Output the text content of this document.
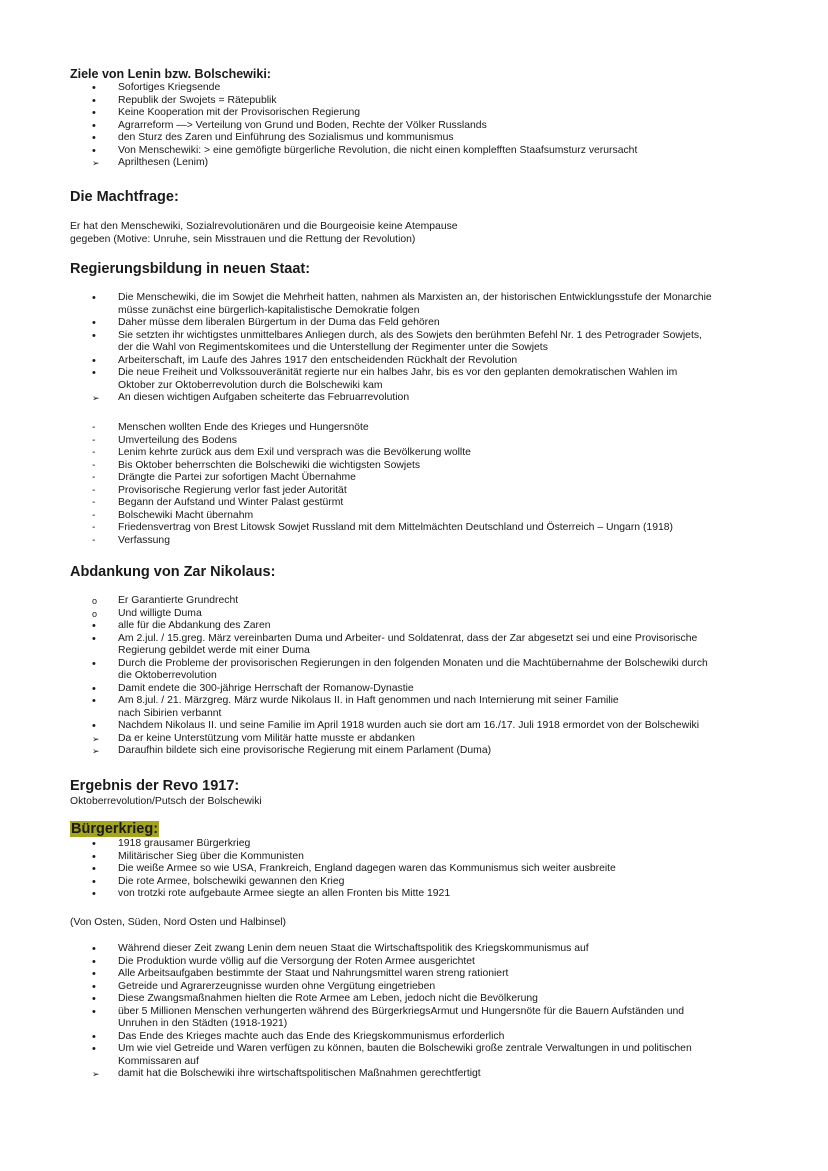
Ziele von Lenin bzw. Bolschewiki:
•
Sofortiges Kriegsende
•
Republik der Swojets = Rätepublik
•
Keine Kooperation mit der Provisorischen Regierung
•
Agrarreform —> Verteilung von Grund und Boden, Rechte der Völker Russlands
•
den Sturz des Zaren und Einführung des Sozialismus und kommunismus
•
Von Menschewiki: > eine gemöfigte bürgerliche Revolution, die nicht einen komplefften Staafsumsturz verursacht
➢
Aprilthesen (Lenim)
Die Machtfrage:
Er hat den Menschewiki, Sozialrevolutionären und die Bourgeoisie keine Atempause
gegeben (Motive: Unruhe, sein Misstrauen und die Rettung der Revolution)
Regierungsbildung in neuen Staat:
•
Die Menschewiki, die im Sowjet die Mehrheit hatten, nahmen als Marxisten an, der historischen Entwicklungsstufe der Monarchie
müsse zunächst eine bürgerlich-kapitalistische Demokratie folgen
•
Daher müsse dem liberalen Bürgertum in der Duma das Feld gehören
•
Sie setzten ihr wichtigstes unmittelbares Anliegen durch, als des Sowjets den berühmten Befehl Nr. 1 des Petrograder Sowjets,
der die Wahl von Regimentskomitees und die Unterstellung der Regimenter unter die Sowjets
•
Arbeiterschaft, im Laufe des Jahres 1917 den entscheidenden Rückhalt der Revolution
•
Die neue Freiheit und Volkssouveränität regierte nur ein halbes Jahr, bis es vor den geplanten demokratischen Wahlen im
Oktober zur Oktoberrevolution durch die Bolschewiki kam
➢
An diesen wichtigen Aufgaben scheiterte das Februarrevolution
-
Menschen wollten Ende des Krieges und Hungersnöte
-
Umverteilung des Bodens
-
Lenim kehrte zurück aus dem Exil und versprach was die Bevölkerung wollte
-
Bis Oktober beherrschten die Bolschewiki die wichtigsten Sowjets
-
Drängte die Partei zur sofortigen Macht Übernahme
-
Provisorische Regierung verlor fast jeder Autorität
-
Begann der Aufstand und Winter Palast gestürmt
-
Bolschewiki Macht übernahm
-
Friedensvertrag von Brest Litowsk Sowjet Russland mit dem Mittelmächten Deutschland und Österreich – Ungarn (1918)
-
Verfassung
Abdankung von Zar Nikolaus:
o
Er Garantierte Grundrecht
o
Und willigte Duma
•
alle für die Abdankung des Zaren
•
Am 2.jul. / 15.greg. März vereinbarten Duma und Arbeiter- und Soldatenrat, dass der Zar abgesetzt sei und eine Provisorische
Regierung gebildet werde mit einer Duma
•
Durch die Probleme der provisorischen Regierungen in den folgenden Monaten und die Machtübernahme der Bolschewiki durch
die Oktoberrevolution
•
Damit endete die 300-jährige Herrschaft der Romanow-Dynastie
•
Am 8.jul. / 21. Märzgreg. März wurde Nikolaus II. in Haft genommen und nach Internierung mit seiner Familie
nach Sibirien verbannt
•
Nachdem Nikolaus II. und seine Familie im April 1918 wurden auch sie dort am 16./17. Juli 1918 ermordet von der Bolschewiki
➢
Da er keine Unterstützung vom Militär hatte musste er abdanken
➢
Daraufhin bildete sich eine provisorische Regierung mit einem Parlament (Duma)
Ergebnis der Revo 1917:
Oktoberrevolution/Putsch der Bolschewiki
Bürgerkrieg:
•
1918 grausamer Bürgerkrieg
•
Militärischer Sieg über die Kommunisten
•
Die weiße Armee so wie USA, Frankreich, England dagegen waren das Kommunismus sich weiter ausbreite
•
Die rote Armee, bolschewiki gewannen den Krieg
•
von trotzki rote aufgebaute Armee siegte an allen Fronten bis Mitte 1921
(Von Osten, Süden, Nord Osten und Halbinsel)
•
Während dieser Zeit zwang Lenin dem neuen Staat die Wirtschaftspolitik des Kriegskommunismus auf
•
Die Produktion wurde völlig auf die Versorgung der Roten Armee ausgerichtet
•
Alle Arbeitsaufgaben bestimmte der Staat und Nahrungsmittel waren streng rationiert
•
Getreide und Agrarerzeugnisse wurden ohne Vergütung eingetrieben
•
Diese Zwangsmaßnahmen hielten die Rote Armee am Leben, jedoch nicht die Bevölkerung
•
über 5 Millionen Menschen verhungerten während des BürgerkriegsArmut und Hungersnöte für die Bauern Aufständen und
Unruhen in den Städten (1918-1921)
•
Das Ende des Krieges machte auch das Ende des Kriegskommunismus erforderlich
•
Um wie viel Getreide und Waren verfügen zu können, bauten die Bolschewiki große zentrale Verwaltungen in und politischen
Kommissaren auf
➢
damit hat die Bolschewiki ihre wirtschaftspolitischen Maßnahmen gerechtfertigt
